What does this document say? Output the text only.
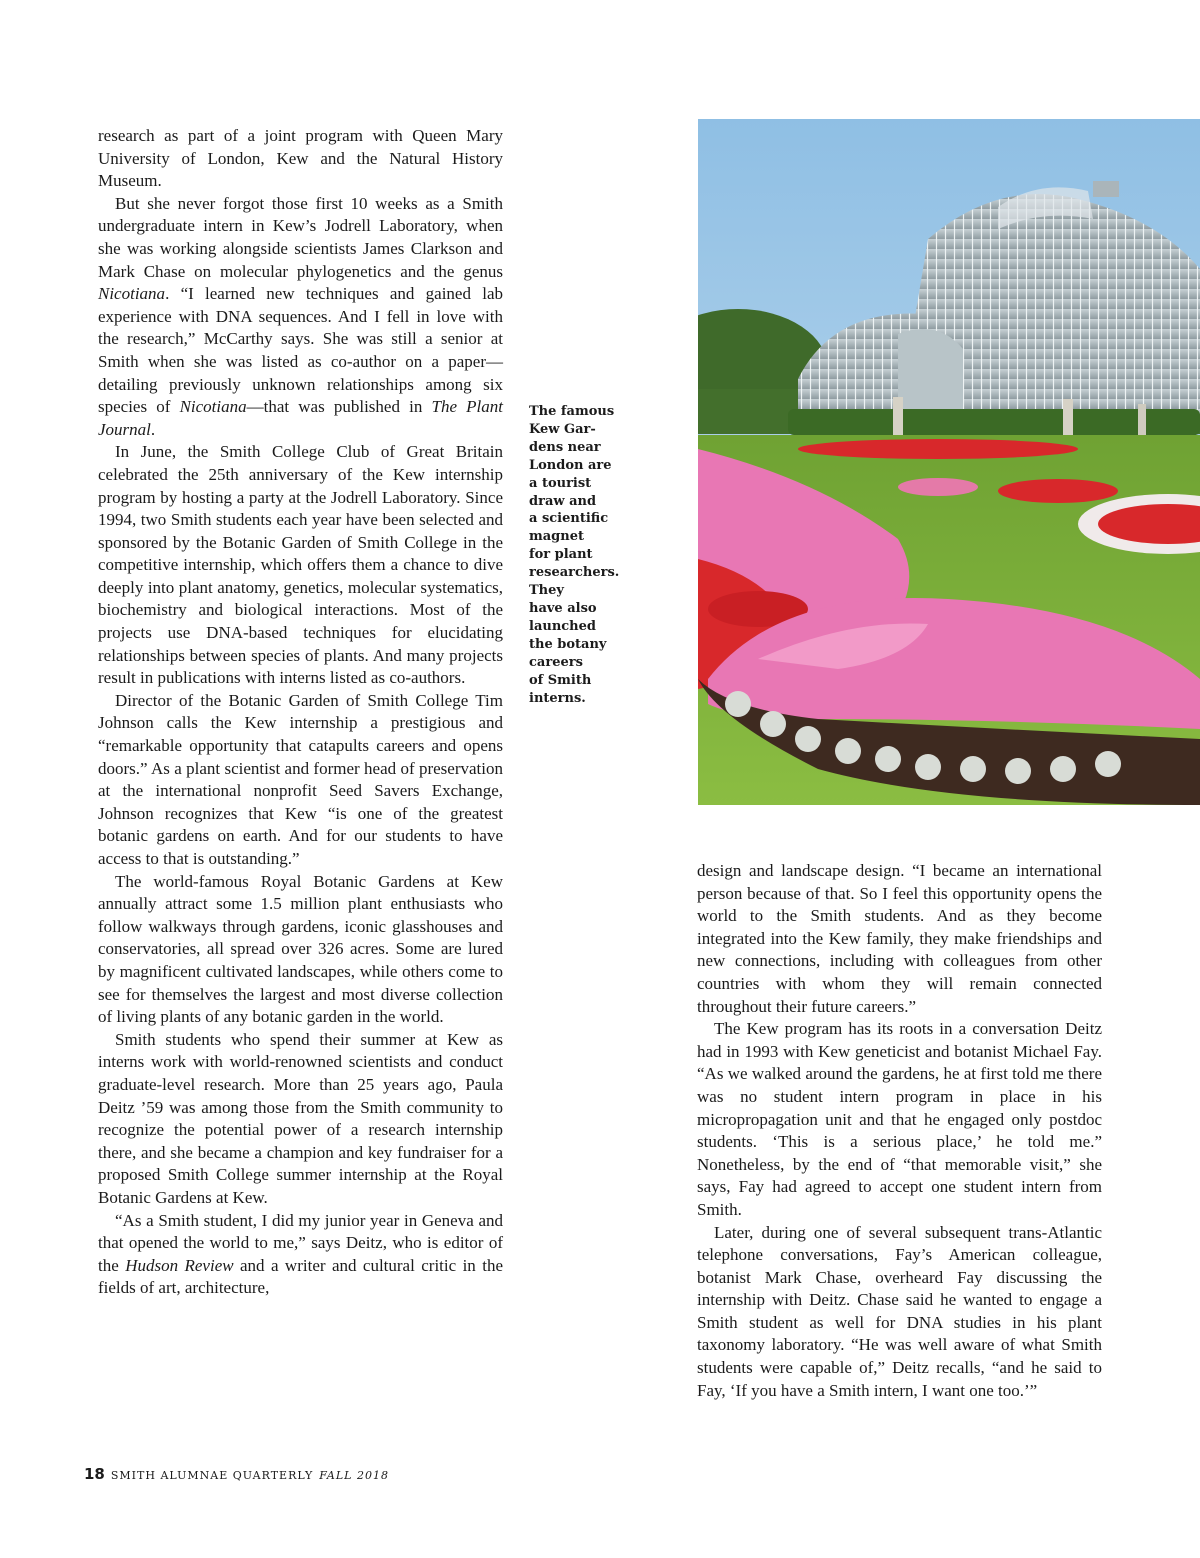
research as part of a joint program with Queen Mary University of London, Kew and the Natural History Museum.

But she never forgot those first 10 weeks as a Smith undergraduate intern in Kew’s Jodrell Laboratory, when she was working alongside scientists James Clarkson and Mark Chase on molecular phylogenetics and the genus Nicotiana. “I learned new techniques and gained lab experience with DNA sequences. And I fell in love with the research,” McCarthy says. She was still a senior at Smith when she was listed as co-author on a paper—detailing previously unknown relationships among six species of Nicotiana—that was published in The Plant Journal.

In June, the Smith College Club of Great Britain celebrated the 25th anniversary of the Kew internship program by hosting a party at the Jodrell Laboratory. Since 1994, two Smith students each year have been selected and sponsored by the Botanic Garden of Smith College in the competitive internship, which offers them a chance to dive deeply into plant anatomy, genetics, molecular systematics, biochemistry and biological interactions. Most of the projects use DNA-based techniques for elucidating relationships between species of plants. And many projects result in publications with interns listed as co-authors.

Director of the Botanic Garden of Smith College Tim Johnson calls the Kew internship a prestigious and “remarkable opportunity that catapults careers and opens doors.” As a plant scientist and former head of preservation at the international nonprofit Seed Savers Exchange, Johnson recognizes that Kew “is one of the greatest botanic gardens on earth. And for our students to have access to that is outstanding.”

The world-famous Royal Botanic Gardens at Kew annually attract some 1.5 million plant enthusiasts who follow walkways through gardens, iconic glasshouses and conservatories, all spread over 326 acres. Some are lured by magnificent cultivated landscapes, while others come to see for themselves the largest and most diverse collection of living plants of any botanic garden in the world.

Smith students who spend their summer at Kew as interns work with world-renowned scientists and conduct graduate-level research. More than 25 years ago, Paula Deitz ’59 was among those from the Smith community to recognize the potential power of a research internship there, and she became a champion and key fundraiser for a proposed Smith College summer internship at the Royal Botanic Gardens at Kew.

“As a Smith student, I did my junior year in Geneva and that opened the world to me,” says Deitz, who is editor of the Hudson Review and a writer and cultural critic in the fields of art, architecture,

The famous
Kew Gar-
dens near
London are
a tourist
draw and
a scientific
magnet
for plant
researchers.
They
have also
launched
the botany
careers
of Smith
interns.

design and landscape design. “I became an international person because of that. So I feel this opportunity opens the world to the Smith students. And as they become integrated into the Kew family, they make friendships and new connections, including with colleagues from other countries with whom they will remain connected throughout their future careers.”

The Kew program has its roots in a conversation Deitz had in 1993 with Kew geneticist and botanist Michael Fay. “As we walked around the gardens, he at first told me there was no student intern program in place in his micropropagation unit and that he engaged only postdoc students. ‘This is a serious place,’ he told me.” Nonetheless, by the end of “that memorable visit,” she says, Fay had agreed to accept one student intern from Smith.

Later, during one of several subsequent trans-Atlantic telephone conversations, Fay’s American colleague, botanist Mark Chase, overheard Fay discussing the internship with Deitz. Chase said he wanted to engage a Smith student as well for DNA studies in his plant taxonomy laboratory. “He was well aware of what Smith students were capable of,” Deitz recalls, “and he said to Fay, ‘If you have a Smith intern, I want one too.’”

18 SMITH ALUMNAE QUARTERLY FALL 2018
